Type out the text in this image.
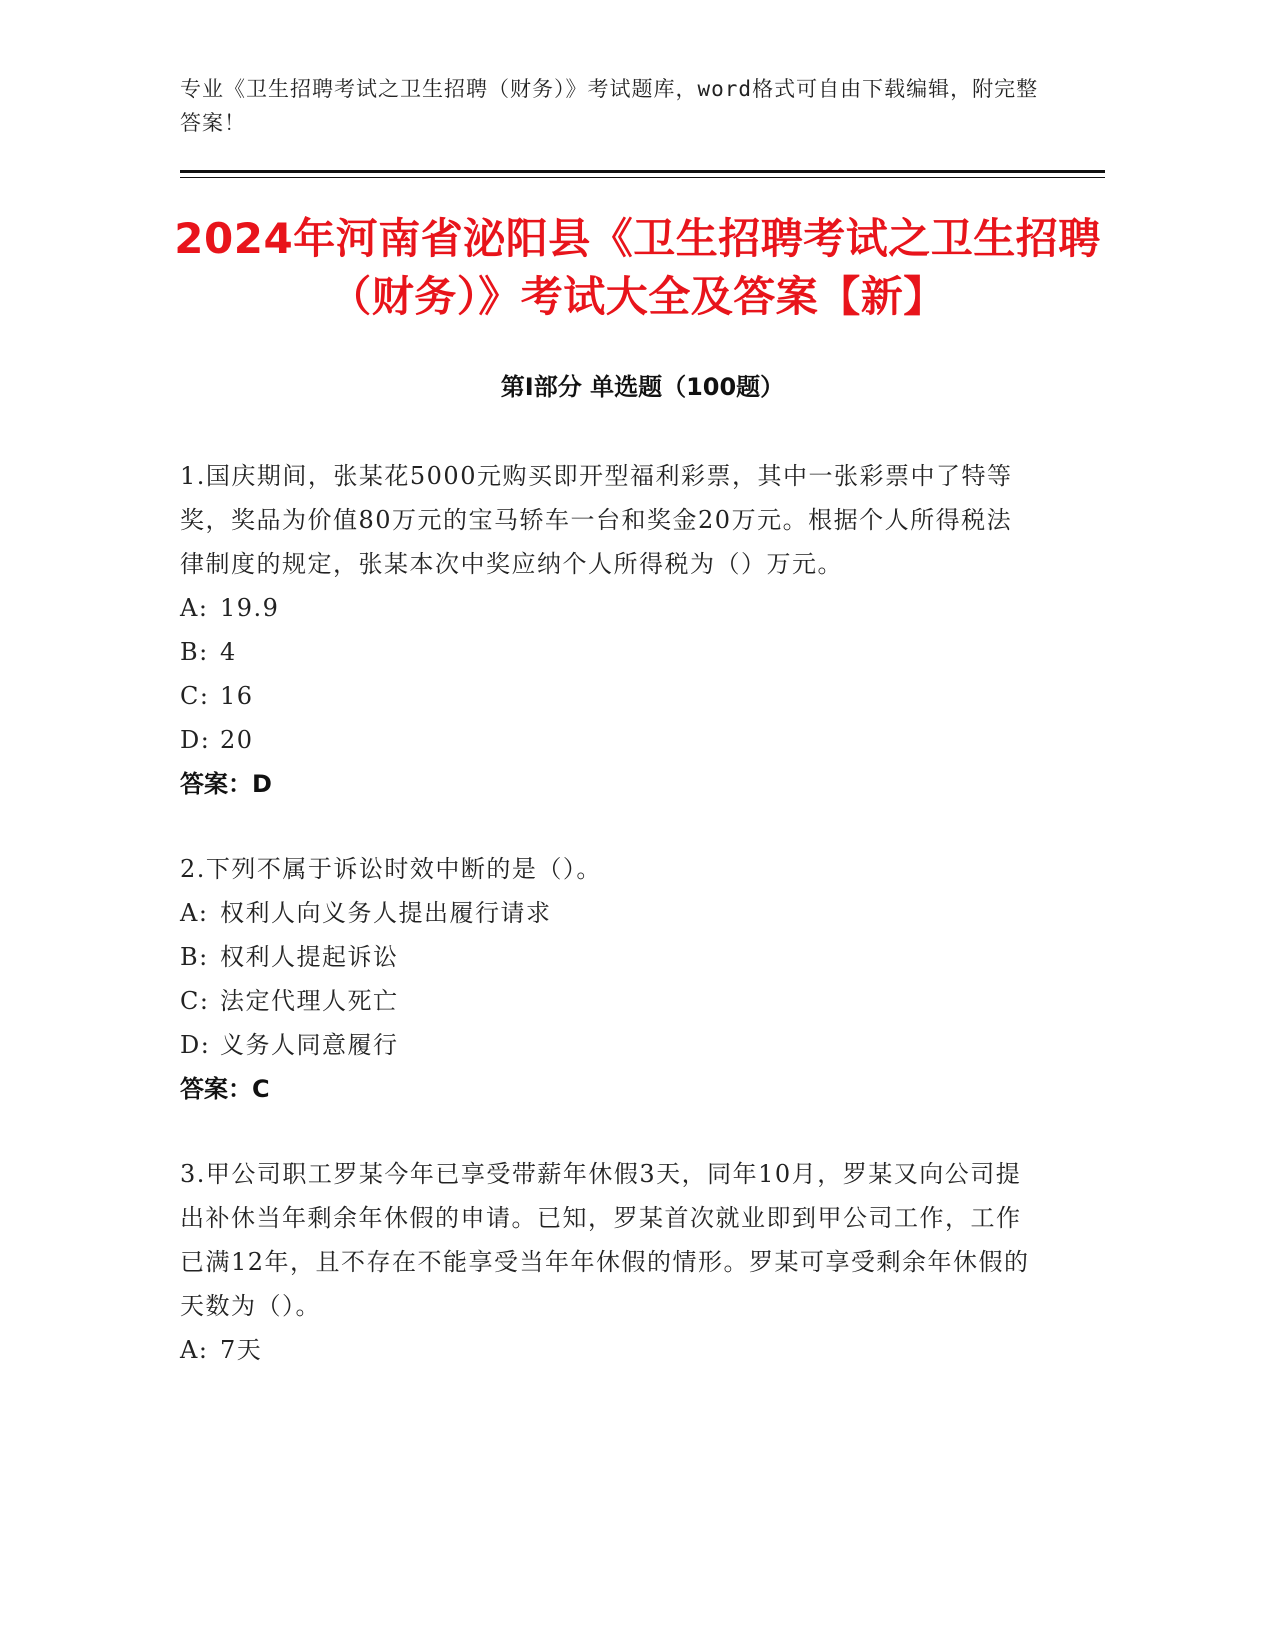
专业《卫生招聘考试之卫生招聘（财务）》考试题库，word格式可自由下载编辑，附完整答案！
2024年河南省泌阳县《卫生招聘考试之卫生招聘（财务）》考试大全及答案【新】
第Ⅰ部分 单选题（100题）

1.国庆期间，张某花5000元购买即开型福利彩票，其中一张彩票中了特等奖，奖品为价值80万元的宝马轿车一台和奖金20万元。根据个人所得税法律制度的规定，张某本次中奖应纳个人所得税为（）万元。

A: 19.9

B: 4

C: 16

D: 20

答案：D

2.下列不属于诉讼时效中断的是（）。

A: 权利人向义务人提出履行请求

B: 权利人提起诉讼

C: 法定代理人死亡

D: 义务人同意履行

答案：C

3.甲公司职工罗某今年已享受带薪年休假3天，同年10月，罗某又向公司提出补休当年剩余年休假的申请。已知，罗某首次就业即到甲公司工作，工作已满12年，且不存在不能享受当年年休假的情形。罗某可享受剩余年休假的天数为（）。

A: 7天
